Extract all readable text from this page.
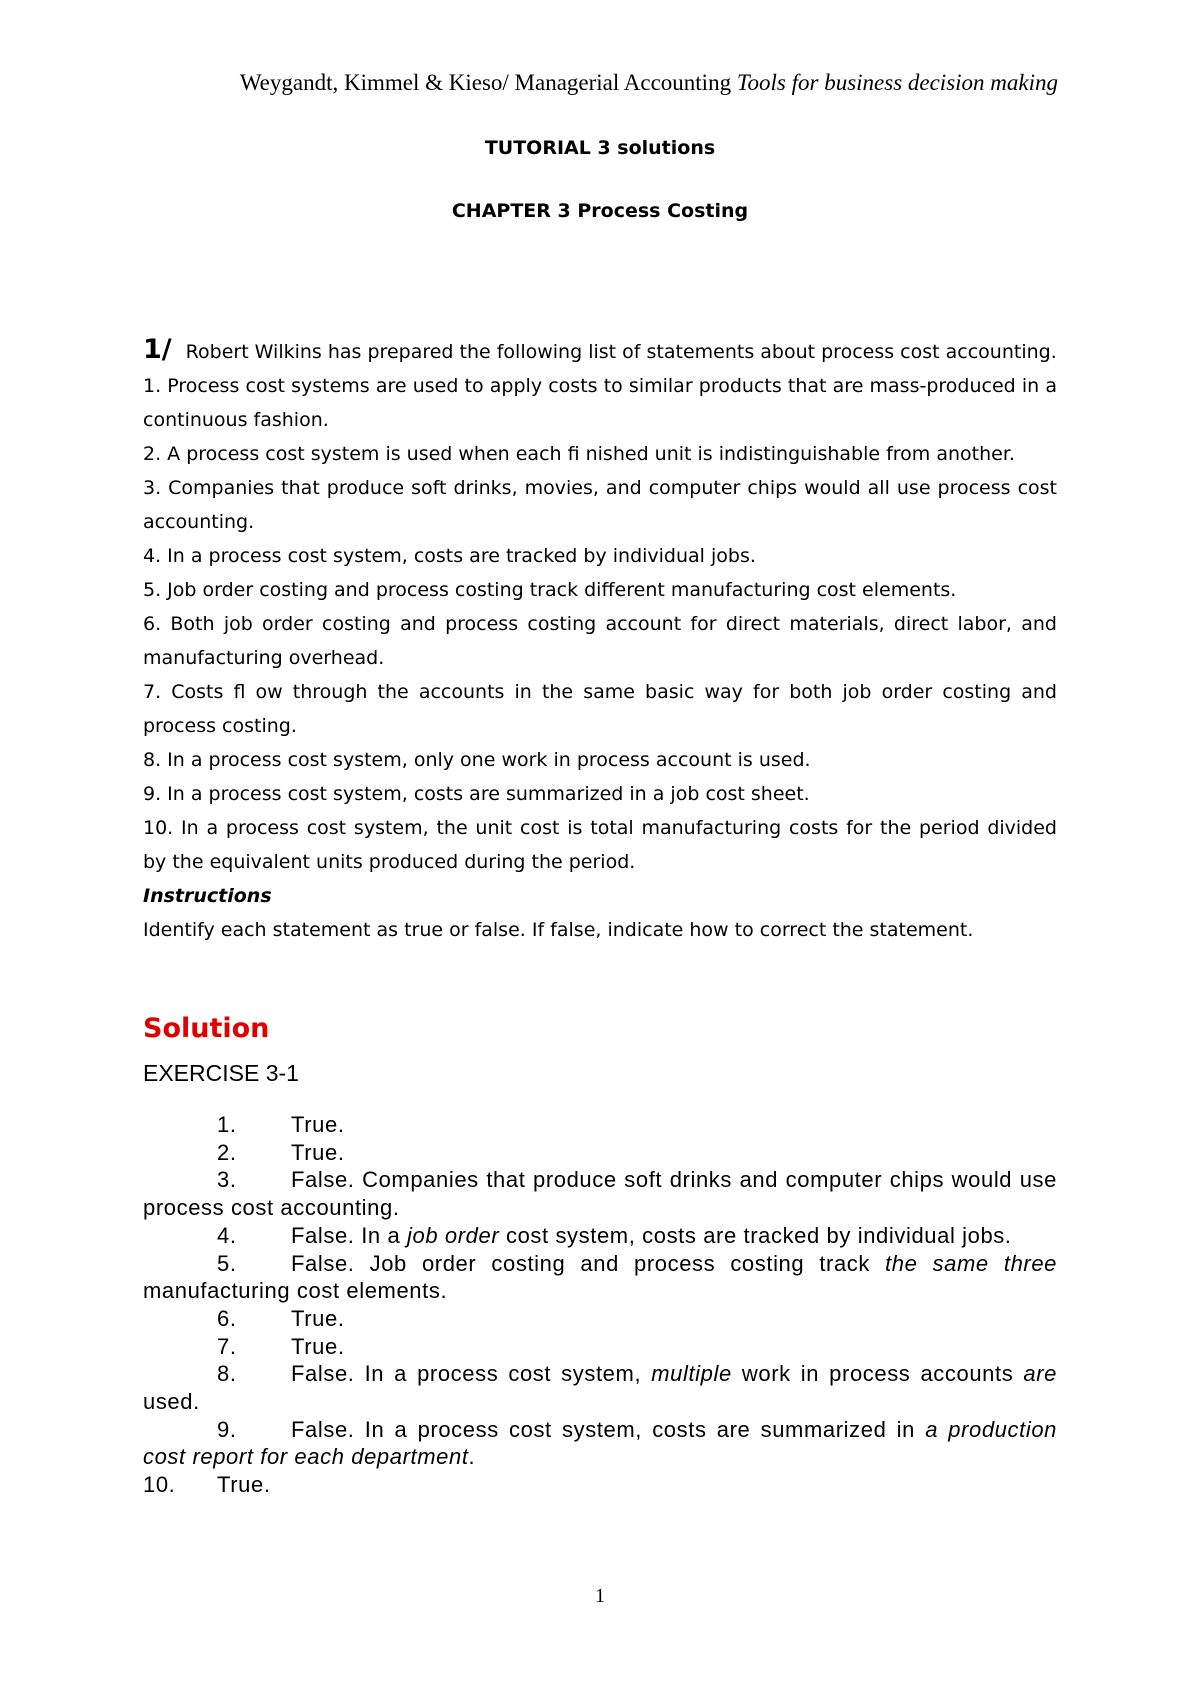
Weygandt, Kimmel & Kieso/ Managerial Accounting Tools for business decision making
TUTORIAL 3 solutions
CHAPTER 3 Process Costing

1/ Robert Wilkins has prepared the following list of statements about process cost accounting.

1. Process cost systems are used to apply costs to similar products that are mass-produced in a continuous fashion.

2. A process cost system is used when each fi nished unit is indistinguishable from another.

3. Companies that produce soft drinks, movies, and computer chips would all use process cost accounting.

4. In a process cost system, costs are tracked by individual jobs.

5. Job order costing and process costing track different manufacturing cost elements.

6. Both job order costing and process costing account for direct materials, direct labor, and manufacturing overhead.

7. Costs fl ow through the accounts in the same basic way for both job order costing and process costing.

8. In a process cost system, only one work in process account is used.

9. In a process cost system, costs are summarized in a job cost sheet.

10. In a process cost system, the unit cost is total manufacturing costs for the period divided by the equivalent units produced during the period.

Instructions

Identify each statement as true or false. If false, indicate how to correct the statement.

Solution
EXERCISE 3-1
1. True.
2. True.
3. False. Companies that produce soft drinks and computer chips would use process cost accounting.
4. False. In a job order cost system, costs are tracked by individual jobs.
5. False. Job order costing and process costing track the same three manufacturing cost elements.
6. True.
7. True.
8. False. In a process cost system, multiple work in process accounts are used.
9. False. In a process cost system, costs are summarized in a production cost report for each department.
10. True.
1
